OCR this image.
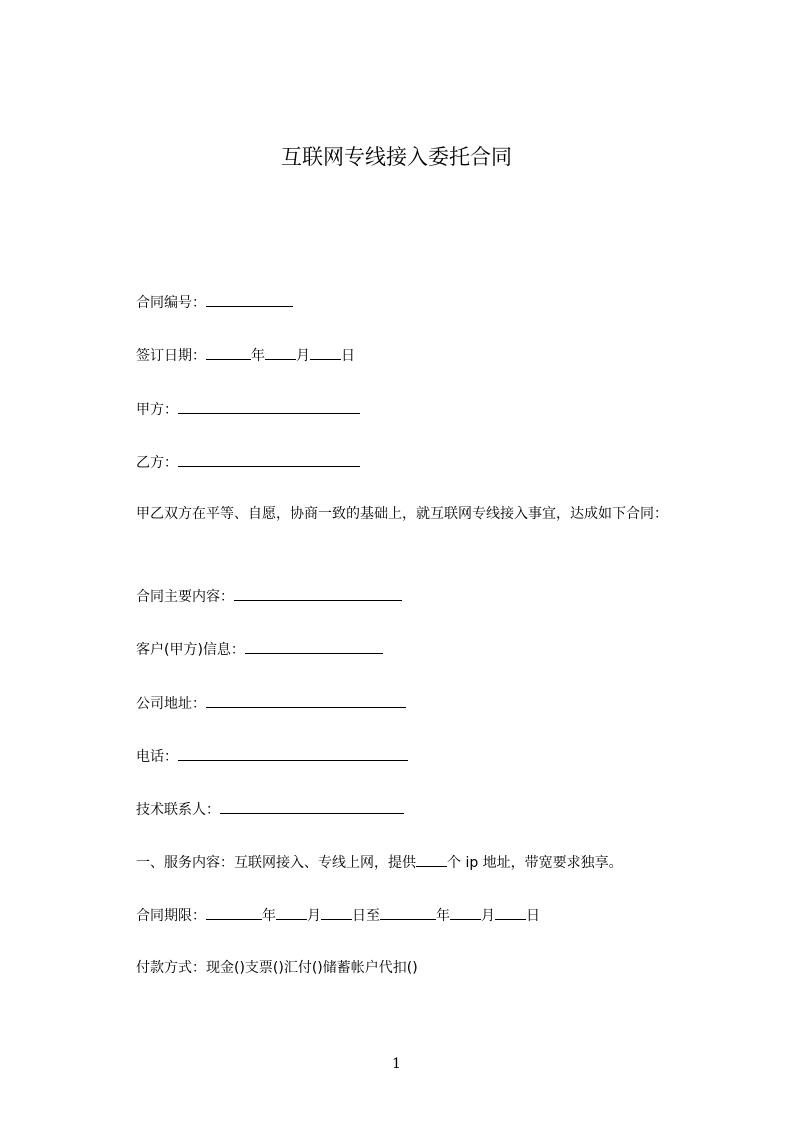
互联网专线接入委托合同
合同编号：
签订日期：	年 月 日
甲方：
乙方：
甲乙双方在平等、自愿，协商一致的基础上，就互联网专线接入事宜，达成如下合同：
合同主要内容：
客户(甲方)信息：
公司地址：
电话：
技术联系人：
一、服务内容：互联网接入、专线上网，提供 个 ip 地址，带宽要求独享。
合同期限：	年 月 日至	年 月 日
付款方式：现金()支票()汇付()储蓄帐户代扣()
1
